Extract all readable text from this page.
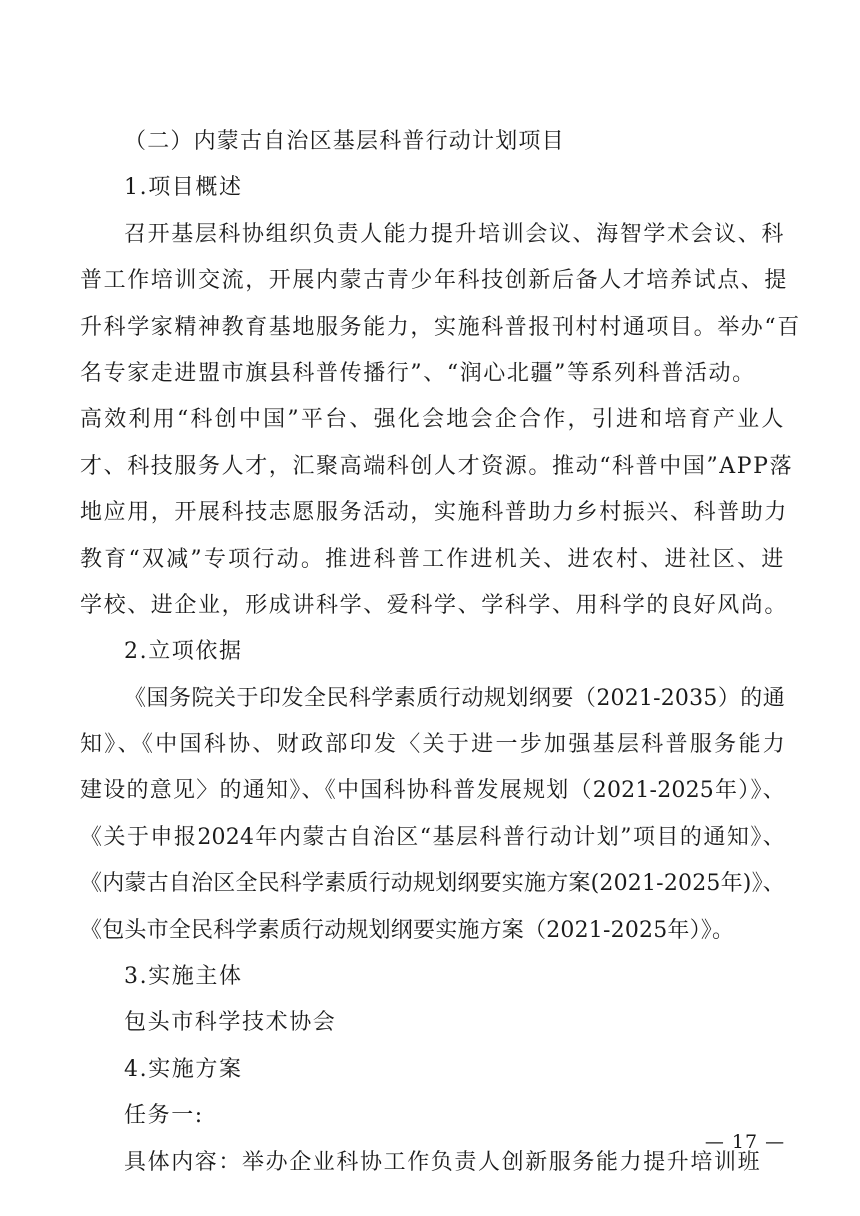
（二）内蒙古自治区基层科普行动计划项目
1.项目概述
召开基层科协组织负责人能力提升培训会议、海智学术会议、科
普工作培训交流，开展内蒙古青少年科技创新后备人才培养试点、提
升科学家精神教育基地服务能力，实施科普报刊村村通项目。举办“百
名专家走进盟市旗县科普传播行”、“润心北疆”等系列科普活动。
高效利用“科创中国”平台、强化会地会企合作，引进和培育产业人
才、科技服务人才，汇聚高端科创人才资源。推动“科普中国”APP落
地应用，开展科技志愿服务活动，实施科普助力乡村振兴、科普助力
教育“双减”专项行动。推进科普工作进机关、进农村、进社区、进
学校、进企业，形成讲科学、爱科学、学科学、用科学的良好风尚。
2.立项依据
《国务院关于印发全民科学素质行动规划纲要（2021-2035）的通
知》、《中国科协、财政部印发〈关于进一步加强基层科普服务能力
建设的意见〉的通知》、《中国科协科普发展规划（2021-2025年）》、
《关于申报2024年内蒙古自治区“基层科普行动计划”项目的通知》、
《内蒙古自治区全民科学素质行动规划纲要实施方案(2021-2025年)》、
《包头市全民科学素质行动规划纲要实施方案（2021-2025年）》。
3.实施主体
包头市科学技术协会
4.实施方案
任务一:
具体内容：举办企业科协工作负责人创新服务能力提升培训班
— 17 —
